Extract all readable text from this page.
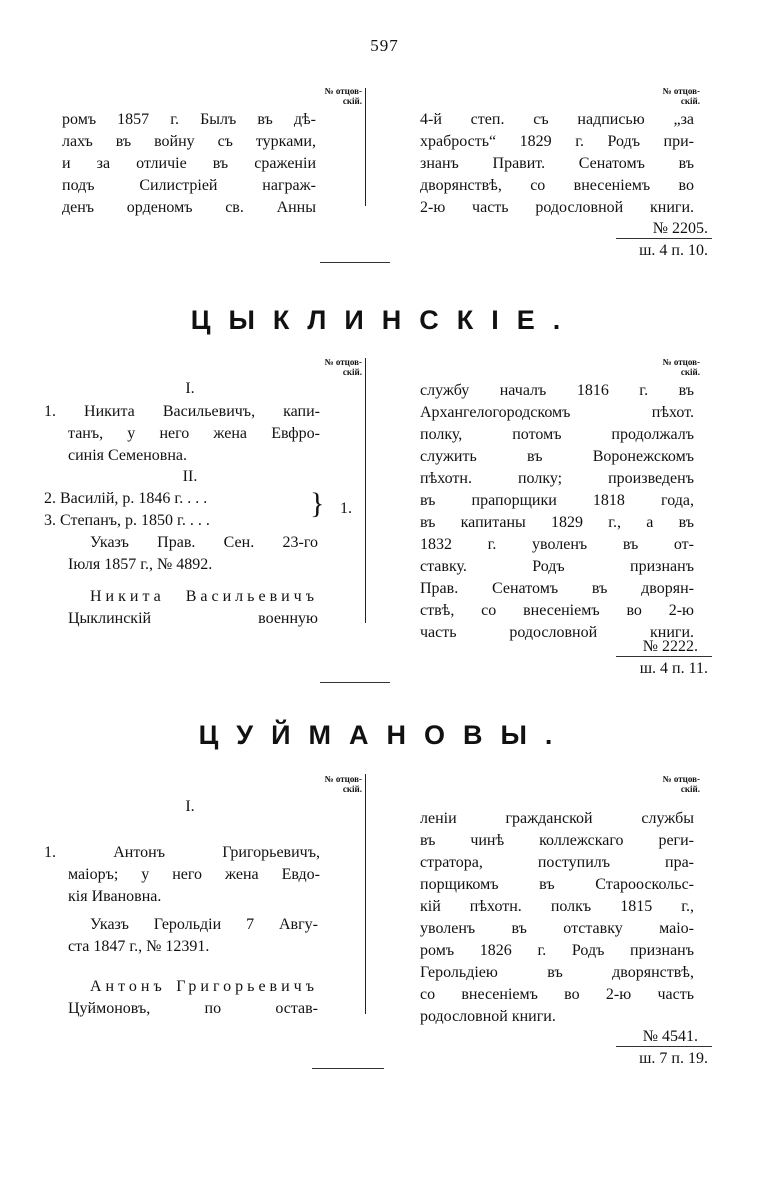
597
№ отцов-
скій.
№ отцов-
скій.
ромъ 1857 г. Былъ въ дѣ-
лахъ въ войну съ турками,
и за отличіе въ сраженіи
подъ Силистріей награж-
денъ орденомъ св. Анны
4-й степ. съ надписью „за
храбрость“ 1829 г. Родъ при-
знанъ Правит. Сенатомъ въ
дворянствѣ, со внесеніемъ во
2-ю часть родословной книги.
№ 2205.
ш. 4 п. 10.
ЦЫКЛИНСКІЕ.
№ отцов-
скій.
№ отцов-
скій.
I.
1. Никита Васильевичъ, капи-
танъ, у него жена Евфро-
синія Семеновна.
II.
2. Василій, р. 1846 г. . . .
3. Степанъ, р. 1850 г. . . .
} 1.
Указъ Прав. Сен. 23-го
Іюля 1857 г., № 4892.
Никита Васильевичъ
Цыклинскій военную
службу началъ 1816 г. въ
Архангелогородскомъ пѣхот.
полку, потомъ продолжалъ
служить въ Воронежскомъ
пѣхотн. полку; произведенъ
въ прапорщики 1818 года,
въ капитаны 1829 г., а въ
1832 г. уволенъ въ от-
ставку. Родъ признанъ
Прав. Сенатомъ въ дворян-
ствѣ, со внесеніемъ во 2-ю
часть родословной книги.
№ 2222.
ш. 4 п. 11.
ЦУЙМАНОВЫ.
№ отцов-
скій.
№ отцов-
скій.
I.
1. Антонъ Григорьевичъ,
маіоръ; у него жена Евдо-
кія Ивановна.
Указъ Герольдіи 7 Авгу-
ста 1847 г., № 12391.
Антонъ Григорьевичъ
Цуймоновъ, по остав-
леніи гражданской службы
въ чинѣ коллежскаго реги-
стратора, поступилъ пра-
порщикомъ въ Старооскольс-
кій пѣхотн. полкъ 1815 г.,
уволенъ въ отставку маіо-
ромъ 1826 г. Родъ признанъ
Герольдіею въ дворянствѣ,
со внесеніемъ во 2-ю часть
родословной книги.
№ 4541.
ш. 7 п. 19.
